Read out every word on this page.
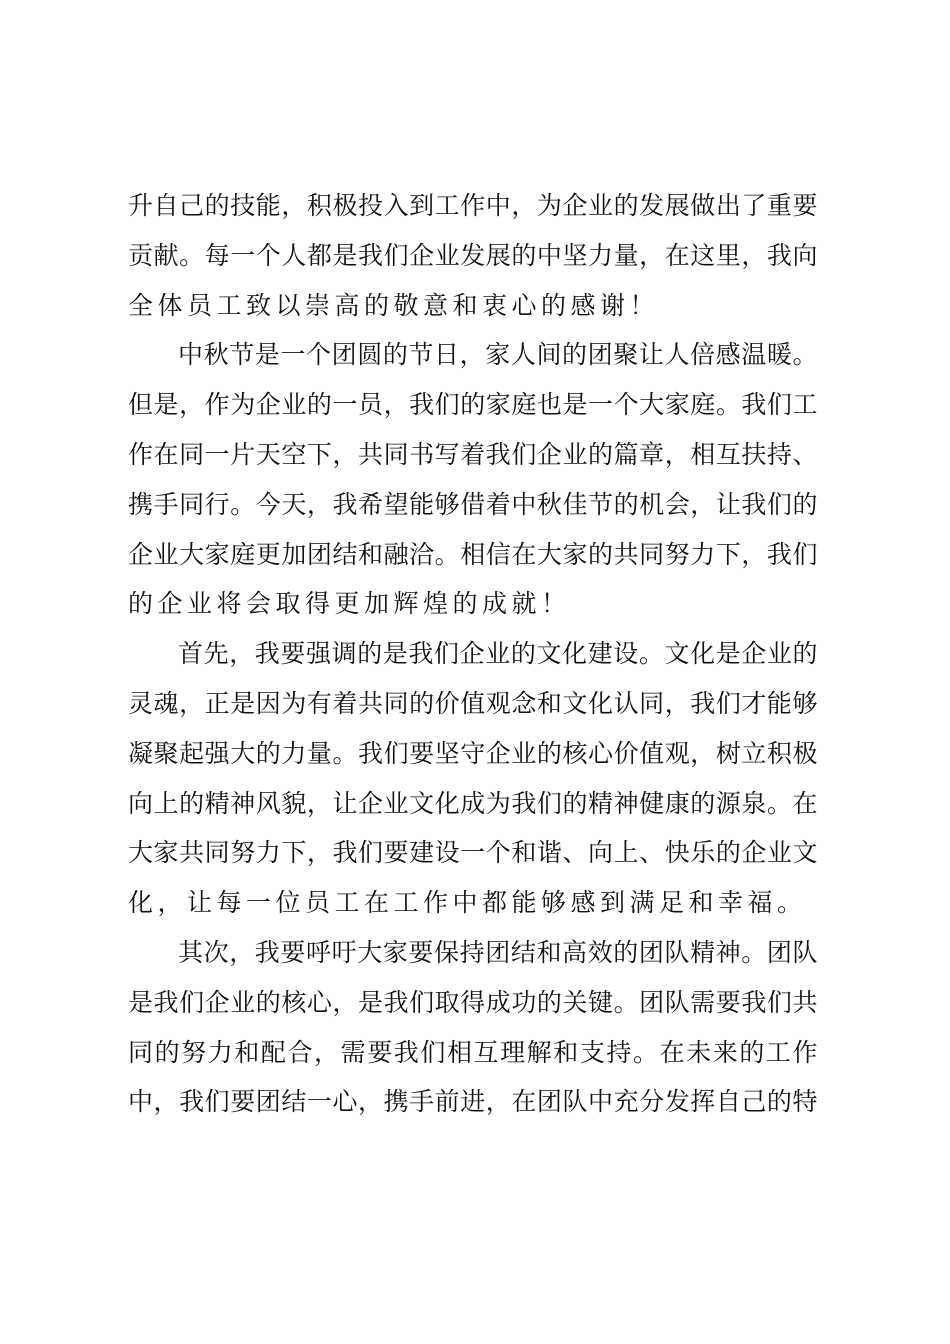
升自己的技能，积极投入到工作中，为企业的发展做出了重要
贡献。每一个人都是我们企业发展的中坚力量，在这里，我向
全体员工致以崇高的敬意和衷心的感谢！
中秋节是一个团圆的节日，家人间的团聚让人倍感温暖。
但是，作为企业的一员，我们的家庭也是一个大家庭。我们工
作在同一片天空下，共同书写着我们企业的篇章，相互扶持、
携手同行。今天，我希望能够借着中秋佳节的机会，让我们的
企业大家庭更加团结和融洽。相信在大家的共同努力下，我们
的企业将会取得更加辉煌的成就！
首先，我要强调的是我们企业的文化建设。文化是企业的
灵魂，正是因为有着共同的价值观念和文化认同，我们才能够
凝聚起强大的力量。我们要坚守企业的核心价值观，树立积极
向上的精神风貌，让企业文化成为我们的精神健康的源泉。在
大家共同努力下，我们要建设一个和谐、向上、快乐的企业文
化，让每一位员工在工作中都能够感到满足和幸福。
其次，我要呼吁大家要保持团结和高效的团队精神。团队
是我们企业的核心，是我们取得成功的关键。团队需要我们共
同的努力和配合，需要我们相互理解和支持。在未来的工作
中，我们要团结一心，携手前进，在团队中充分发挥自己的特
